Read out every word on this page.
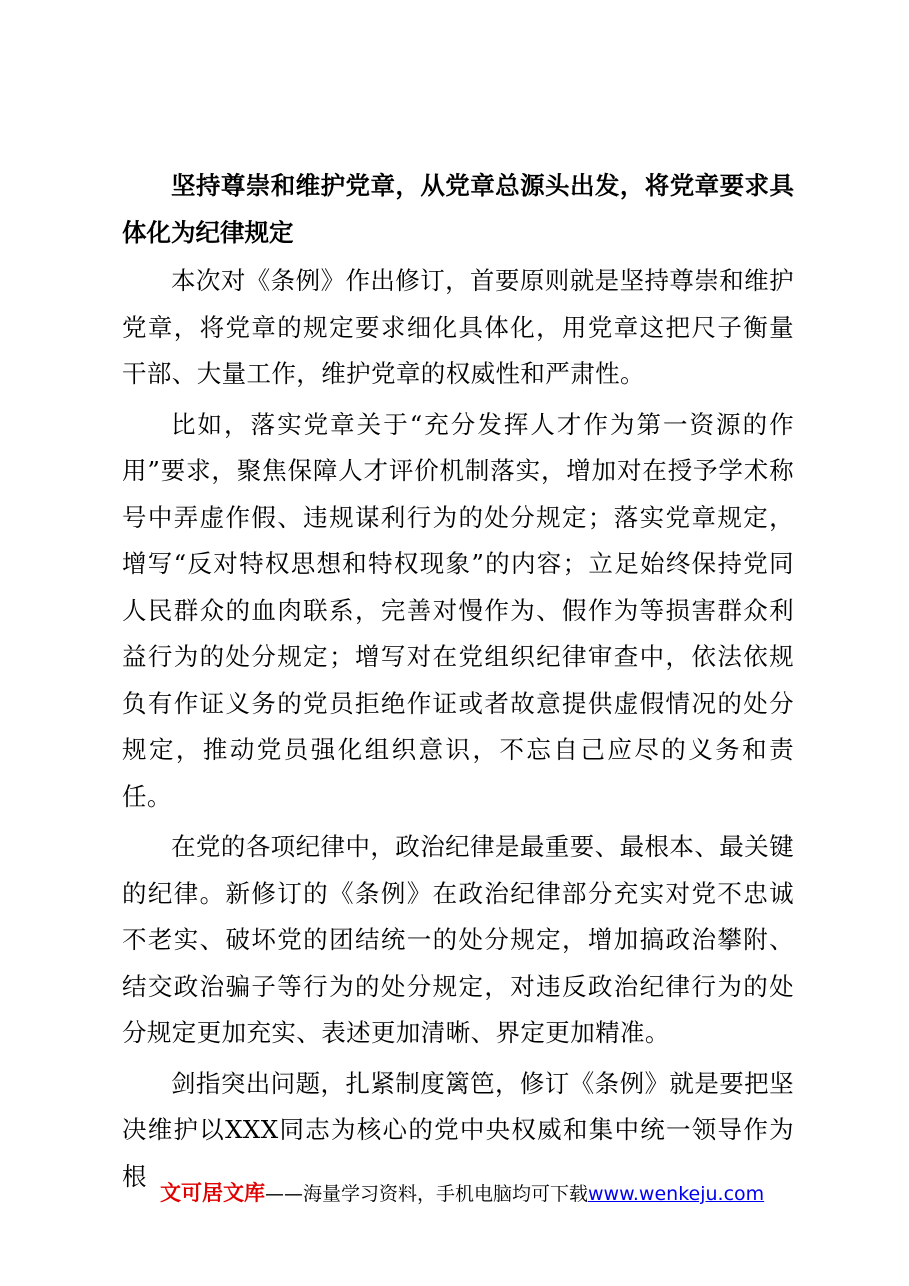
坚持尊崇和维护党章，从党章总源头出发，将党章要求具体化为纪律规定

本次对《条例》作出修订，首要原则就是坚持尊崇和维护党章，将党章的规定要求细化具体化，用党章这把尺子衡量干部、大量工作，维护党章的权威性和严肃性。

比如，落实党章关于“充分发挥人才作为第一资源的作用”要求，聚焦保障人才评价机制落实，增加对在授予学术称号中弄虚作假、违规谋利行为的处分规定；落实党章规定，增写“反对特权思想和特权现象”的内容；立足始终保持党同人民群众的血肉联系，完善对慢作为、假作为等损害群众利益行为的处分规定；增写对在党组织纪律审查中，依法依规负有作证义务的党员拒绝作证或者故意提供虚假情况的处分规定，推动党员强化组织意识，不忘自己应尽的义务和责任。

在党的各项纪律中，政治纪律是最重要、最根本、最关键的纪律。新修订的《条例》在政治纪律部分充实对党不忠诚不老实、破坏党的团结统一的处分规定，增加搞政治攀附、结交政治骗子等行为的处分规定，对违反政治纪律行为的处分规定更加充实、表述更加清晰、界定更加精准。

剑指突出问题，扎紧制度篱笆，修订《条例》就是要把坚决维护以XXX同志为核心的党中央权威和集中统一领导作为根

文可居文库——海量学习资料，手机电脑均可下载www.wenkeju.com
